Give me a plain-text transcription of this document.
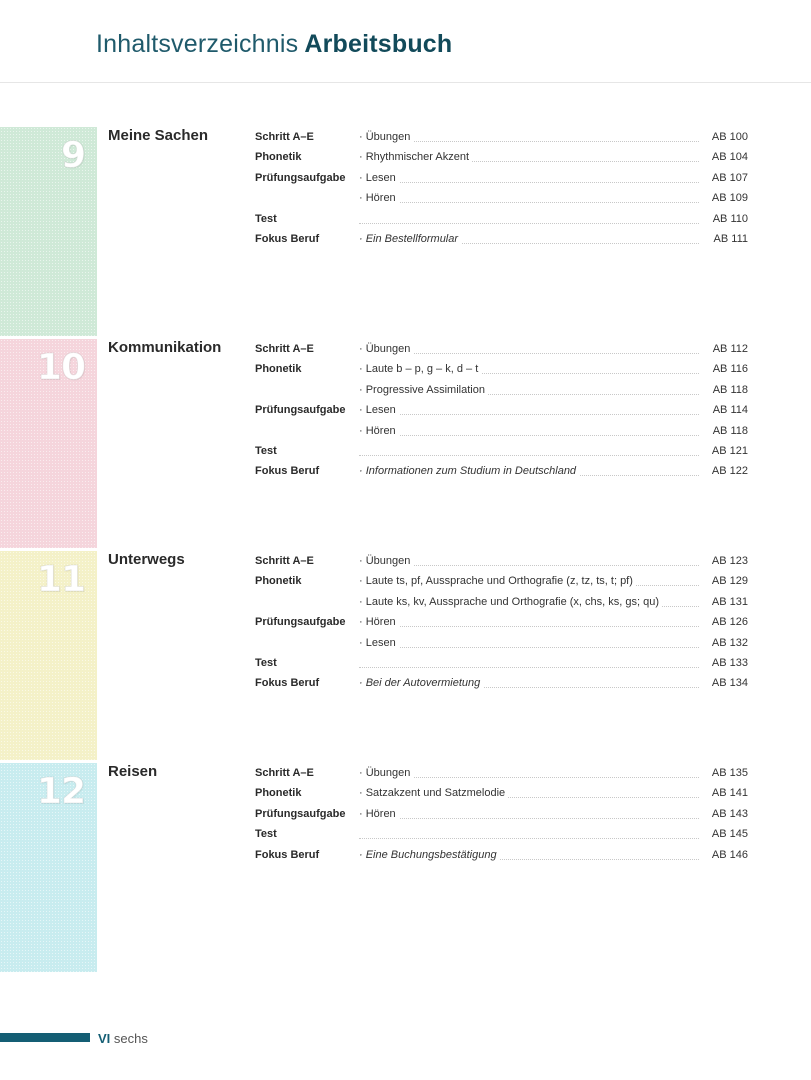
Inhaltsverzeichnis Arbeitsbuch
9 Meine Sachen	Schritt A–E	· Übungen	AB 100
Phonetik	· Rhythmischer Akzent	AB 104
Prüfungsaufgabe · Lesen	AB 107
· Hören	AB 109
Test	AB 110
Fokus Beruf	· Ein Bestellformular	AB 111
10 Kommunikation	Schritt A–E	· Übungen	AB 112
Phonetik	· Laute b – p, g – k, d – t	AB 116
· Progressive Assimilation	AB 118
Prüfungsaufgabe · Lesen	AB 114
· Hören	AB 118
Test	AB 121
Fokus Beruf	· Informationen zum Studium in Deutschland	AB 122
11 Unterwegs	Schritt A–E	· Übungen	AB 123
Phonetik	· Laute ts, pf, Aussprache und Orthografie (z, tz, ts, t; pf)	AB 129
· Laute ks, kv, Aussprache und Orthografie (x, chs, ks, gs; qu)	AB 131
Prüfungsaufgabe · Hören	AB 126
· Lesen	AB 132
Test	AB 133
Fokus Beruf	· Bei der Autovermietung	AB 134
12 Reisen	Schritt A–E	· Übungen	AB 135
Phonetik	· Satzakzent und Satzmelodie	AB 141
Prüfungsaufgabe · Hören	AB 143
Test	AB 145
Fokus Beruf	· Eine Buchungsbestätigung	AB 146
VI sechs
